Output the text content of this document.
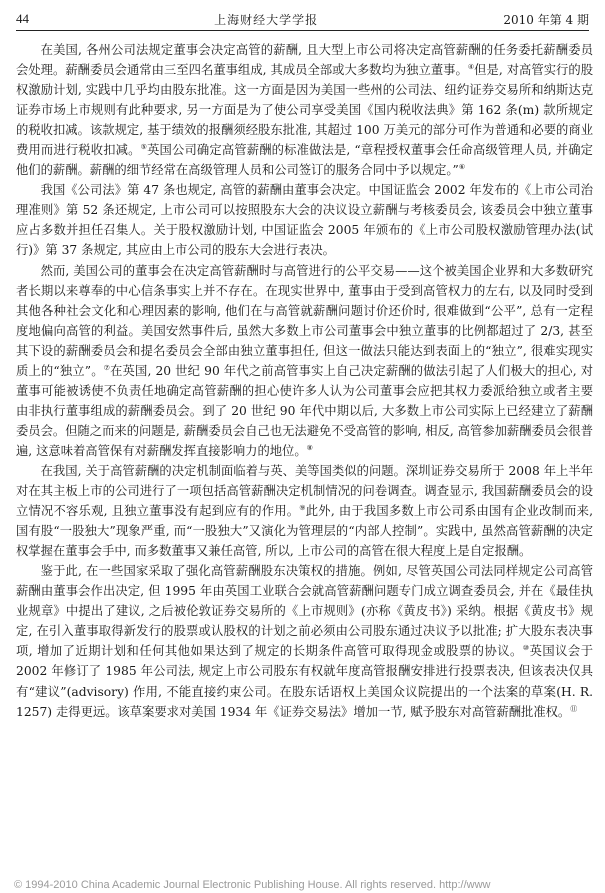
44	上海财经大学学报	2010 年第 4 期

在美国, 各州公司法规定董事会决定高管的薪酬, 且大型上市公司将决定高管薪酬的任务委托薪酬委员会处理。薪酬委员会通常由三至四名董事组成, 其成员全部或大多数均为独立董事。④但是, 对高管实行的股权激励计划, 实践中几乎均由股东批准。这一方面是因为美国一些州的公司法、纽约证券交易所和纳斯达克证券市场上市规则有此种要求, 另一方面是为了使公司享受美国《国内税收法典》第 162 条(m) 款所规定的税收扣减。该款规定, 基于绩效的报酬须经股东批准, 其超过 100 万美元的部分可作为普通和必要的商业费用而进行税收扣减。⑤英国公司确定高管薪酬的标准做法是, “章程授权董事会任命高级管理人员, 并确定他们的薪酬。薪酬的细节经常在高级管理人员和公司签订的服务合同中予以规定。”⑥

我国《公司法》第 47 条也规定, 高管的薪酬由董事会决定。中国证监会 2002 年发布的《上市公司治理准则》第 52 条还规定, 上市公司可以按照股东大会的决议设立薪酬与考核委员会, 该委员会中独立董事应占多数并担任召集人。关于股权激励计划, 中国证监会 2005 年颁布的《上市公司股权激励管理办法(试行)》第 37 条规定, 其应由上市公司的股东大会进行表决。

然而, 美国公司的董事会在决定高管薪酬时与高管进行的公平交易——这个被美国企业界和大多数研究者长期以来尊奉的中心信条事实上并不存在。在现实世界中, 董事由于受到高管权力的左右, 以及同时受到其他各种社会文化和心理因素的影响, 他们在与高管就薪酬问题讨价还价时, 很难做到“公平”, 总有一定程度地偏向高管的利益。美国安然事件后, 虽然大多数上市公司董事会中独立董事的比例都超过了 2/3, 甚至其下设的薪酬委员会和提名委员会全部由独立董事担任, 但这一做法只能达到表面上的“独立”, 很难实现实质上的“独立”。⑦在英国, 20 世纪 90 年代之前高管事实上自己决定薪酬的做法引起了人们极大的担心, 对董事可能被诱使不负责任地确定高管薪酬的担心使许多人认为公司董事会应把其权力委派给独立或者主要由非执行董事组成的薪酬委员会。到了 20 世纪 90 年代中期以后, 大多数上市公司实际上已经建立了薪酬委员会。但随之而来的问题是, 薪酬委员会自己也无法避免不受高管的影响, 相反, 高管参加薪酬委员会很普遍, 这意味着高管保有对薪酬发挥直接影响力的地位。⑧

在我国, 关于高管薪酬的决定机制面临着与英、美等国类似的问题。深圳证券交易所于 2008 年上半年对在其主板上市的公司进行了一项包括高管薪酬决定机制情况的问卷调查。调查显示, 我国薪酬委员会的设立情况不容乐观, 且独立董事没有起到应有的作用。⑨此外, 由于我国多数上市公司系由国有企业改制而来, 国有股“一股独大”现象严重, 而“一股独大”又演化为管理层的“内部人控制”。实践中, 虽然高管薪酬的决定权掌握在董事会手中, 而多数董事又兼任高管, 所以, 上市公司的高管在很大程度上是自定报酬。

鉴于此, 在一些国家采取了强化高管薪酬股东决策权的措施。例如, 尽管英国公司法同样规定公司高管薪酬由董事会作出决定, 但 1995 年由英国工业联合会就高管薪酬问题专门成立调查委员会, 并在《最佳执业规章》中提出了建议, 之后被伦敦证券交易所的《上市规则》(亦称《黄皮书》) 采纳。根据《黄皮书》规定, 在引入董事取得新发行的股票或认股权的计划之前必须由公司股东通过决议予以批准; 扩大股东表决事项, 增加了近期计划和任何其他如果达到了规定的长期条件高管可取得现金或股票的协议。⑩英国议会于 2002 年修订了 1985 年公司法, 规定上市公司股东有权就年度高管报酬安排进行投票表决, 但该表决仅具有“建议”(advisory) 作用, 不能直接约束公司。在股东话语权上美国众议院提出的一个法案的草案(H. R. 1257) 走得更远。该草案要求对美国 1934 年《证券交易法》增加一节, 赋予股东对高管薪酬批准权。⑪

© 1994-2010 China Academic Journal Electronic Publishing House. All rights reserved. http://www
